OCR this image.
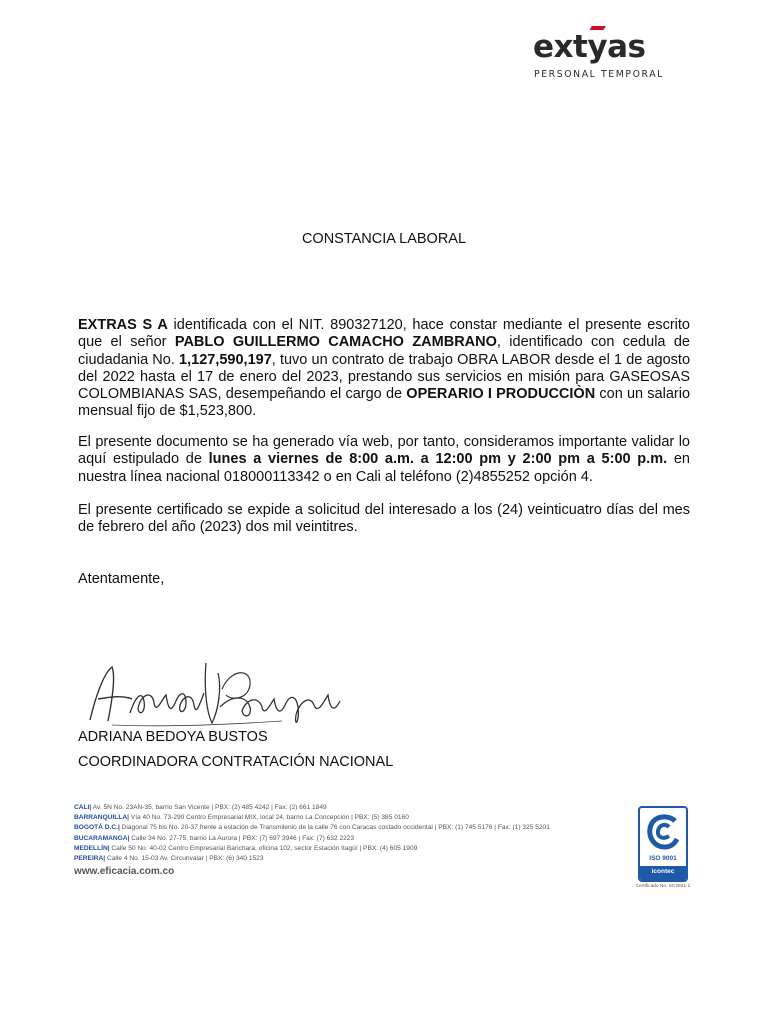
exty
as
PERSONAL TEMPORAL
CONSTANCIA LABORAL

EXTRAS S A identificada con el NIT. 890327120, hace constar mediante el presente escrito que el señor PABLO GUILLERMO CAMACHO ZAMBRANO, identificado con cedula de ciudadania No. 1,127,590,197, tuvo un contrato de trabajo OBRA LABOR desde el 1 de agosto del 2022 hasta el 17 de enero del 2023, prestando sus servicios en misión para GASEOSAS COLOMBIANAS SAS, desempeñando el cargo de OPERARIO I PRODUCCIÒN con un salario mensual fijo de $1,523,800.

El presente documento se ha generado vía web, por tanto, consideramos importante validar lo aquí estipulado de lunes a viernes de 8:00 a.m. a 12:00 pm y 2:00 pm a 5:00 p.m. en nuestra línea nacional 018000113342 o en Cali al teléfono (2)4855252 opción 4.

El presente certificado se expide a solicitud del interesado a los (24) veinticuatro días del mes de febrero del año (2023) dos mil veintitres.

Atentamente,
ADRIANA BEDOYA BUSTOS
COORDINADORA CONTRATACIÓN NACIONAL
CALI| Av. 5N No. 23AN-35, barrio San Vicente | PBX: (2) 485 4242 | Fax: (2) 661 1849
BARRANQUILLA| Vía 40 No. 73-290 Centro Empresarial MIX, local 24, barrio La Concepción | PBX: (5) 385 0160
BOGOTÁ D.C.| Diagonal 75 bis No. 20-37 frente a estación de Transmilenio de la calle 76 con Caracas costado occidental | PBX: (1) 745 5176 | Fax: (1) 325 5201
BUCARAMANGA| Calle 34 No. 27-75, barrio La Aurora | PBX: (7) 697 3946 | Fax: (7) 632 2223
MEDELLÍN| Calle 50 No. 40-02 Centro Empresarial Barichara, oficina 102, sector Estación Itagüí | PBX: (4) 605 1909
PEREIRA| Calle 4 No. 15-03 Av. Circunvalar | PBX: (6) 340 1523
www.eficacia.com.co
ISO 9001
icontec
Certificado No. SC2841-1
